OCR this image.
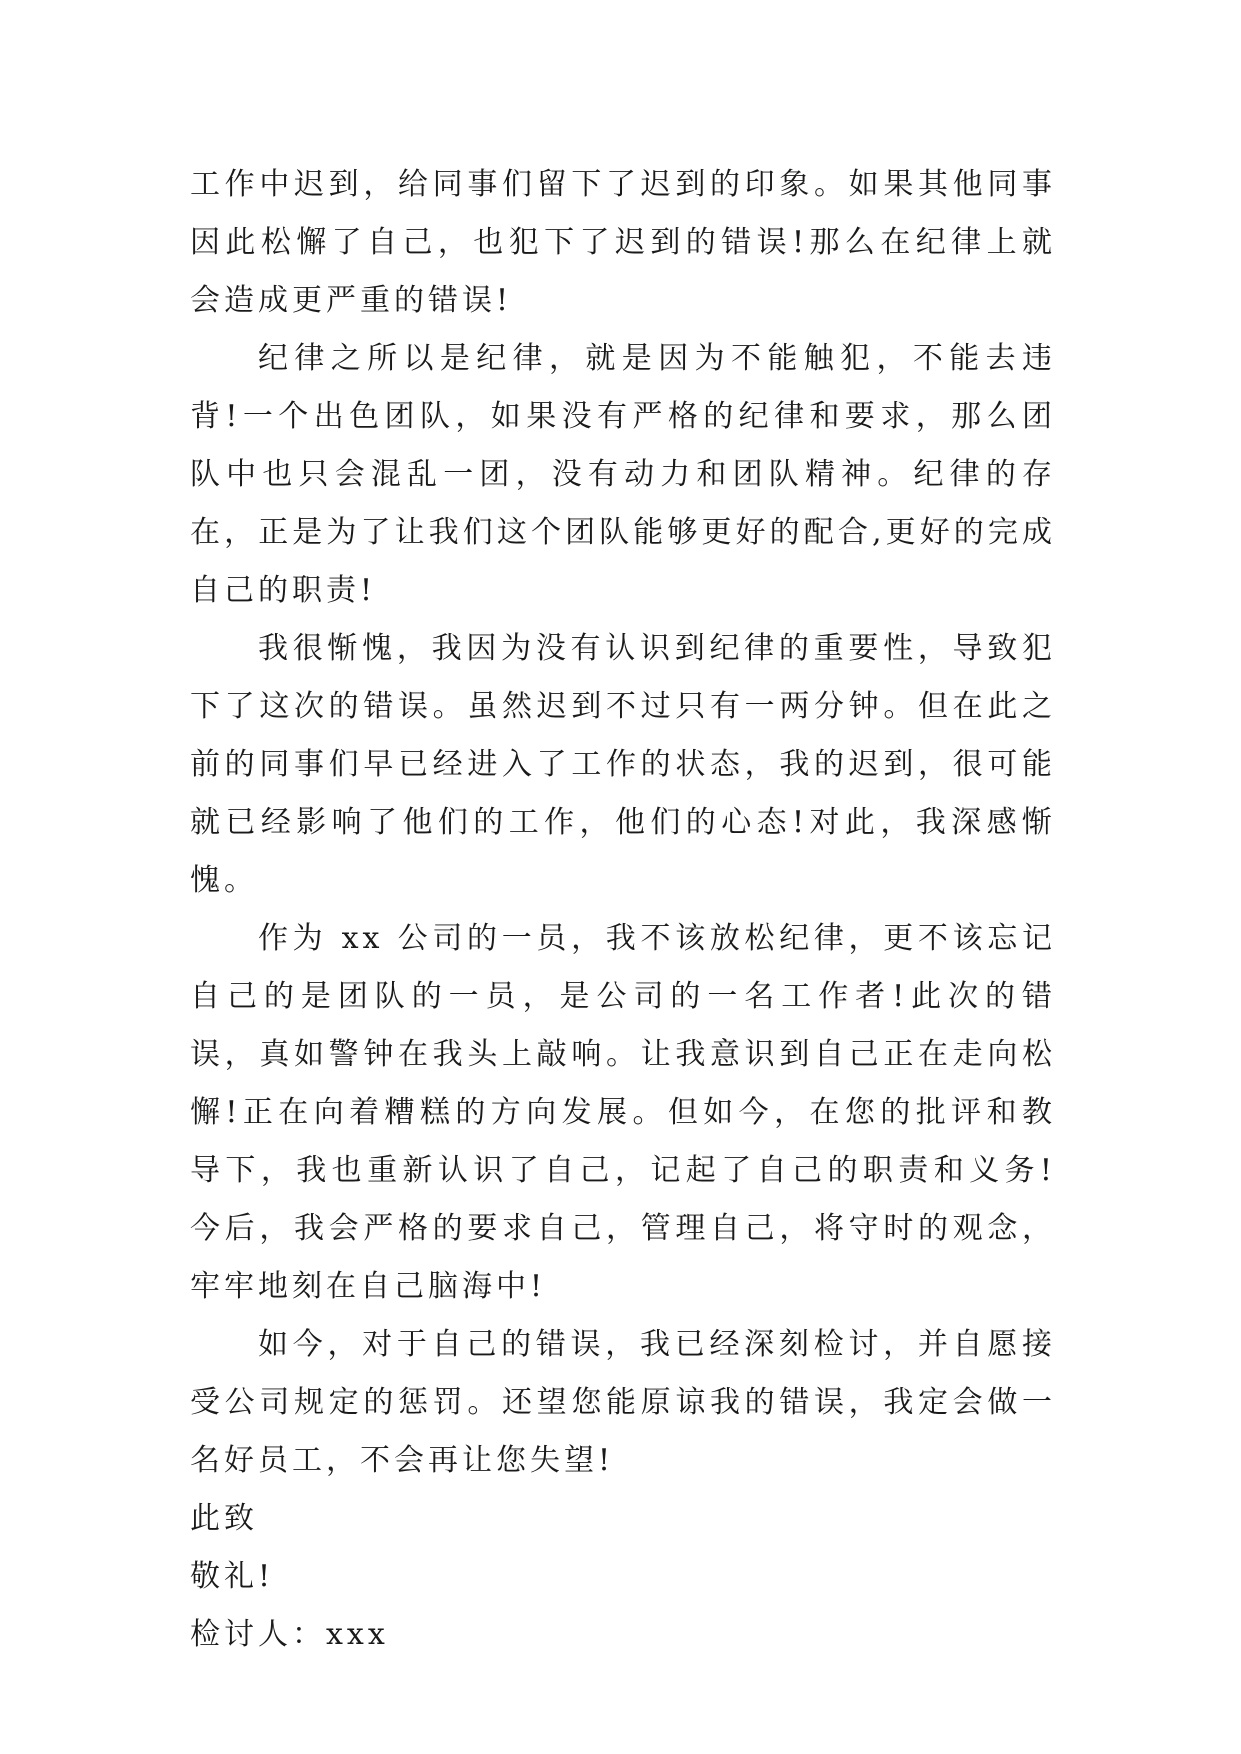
工作中迟到，给同事们留下了迟到的印象。如果其他同事因此松懈了自己，也犯下了迟到的错误!那么在纪律上就会造成更严重的错误!

纪律之所以是纪律，就是因为不能触犯，不能去违背!一个出色团队，如果没有严格的纪律和要求，那么团队中也只会混乱一团，没有动力和团队精神。纪律的存在，正是为了让我们这个团队能够更好的配合,更好的完成自己的职责!

我很惭愧，我因为没有认识到纪律的重要性，导致犯下了这次的错误。虽然迟到不过只有一两分钟。但在此之前的同事们早已经进入了工作的状态，我的迟到，很可能就已经影响了他们的工作，他们的心态!对此，我深感惭愧。

作为 xx 公司的一员，我不该放松纪律，更不该忘记自己的是团队的一员，是公司的一名工作者!此次的错误，真如警钟在我头上敲响。让我意识到自己正在走向松懈!正在向着糟糕的方向发展。但如今，在您的批评和教导下，我也重新认识了自己，记起了自己的职责和义务!今后，我会严格的要求自己，管理自己，将守时的观念，牢牢地刻在自己脑海中!

如今，对于自己的错误，我已经深刻检讨，并自愿接受公司规定的惩罚。还望您能原谅我的错误，我定会做一名好员工，不会再让您失望!

此致

敬礼!

检讨人：xxx
